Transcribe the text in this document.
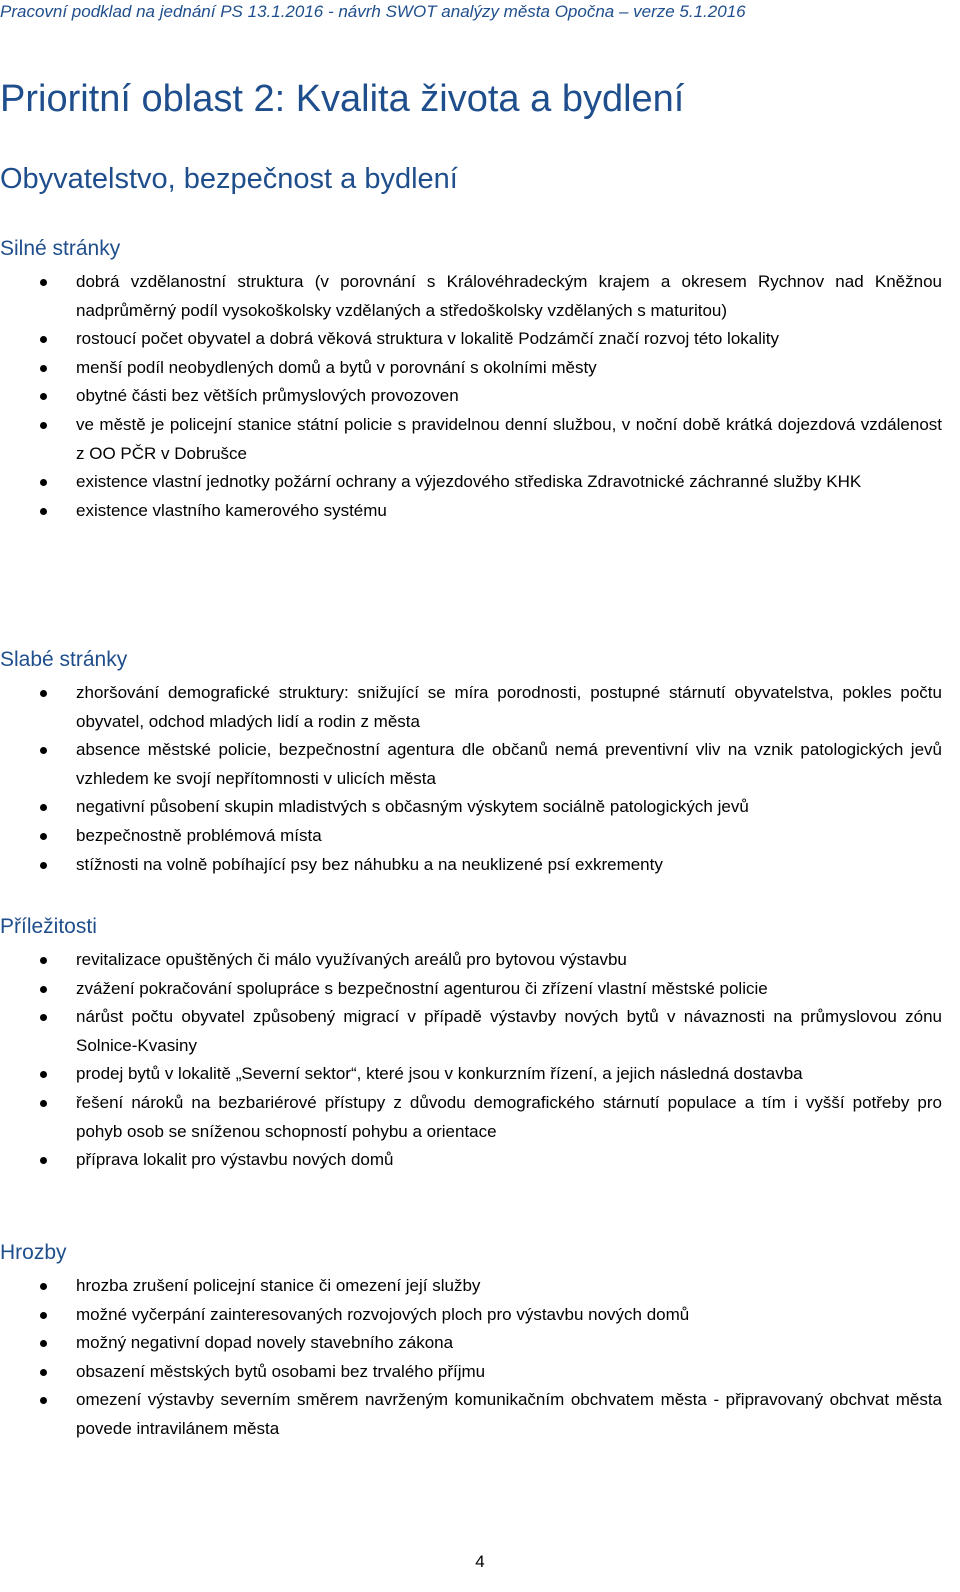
Pracovní podklad na jednání PS 13.1.2016 - návrh SWOT analýzy města Opočna – verze 5.1.2016
Prioritní oblast 2: Kvalita života a bydlení
Obyvatelstvo, bezpečnost a bydlení
Silné stránky
dobrá vzdělanostní struktura (v porovnání s Královéhradeckým krajem a okresem Rychnov nad Kněžnou nadprůměrný podíl vysokoškolsky vzdělaných a středoškolsky vzdělaných s maturitou)
rostoucí počet obyvatel a dobrá věková struktura v lokalitě Podzámčí značí rozvoj této lokality
menší podíl neobydlených domů a bytů v porovnání s okolními městy
obytné části bez větších průmyslových provozoven
ve městě je policejní stanice státní policie s pravidelnou denní službou, v noční době krátká dojezdová vzdálenost z OO PČR v Dobrušce
existence vlastní jednotky požární ochrany a výjezdového střediska Zdravotnické záchranné služby KHK
existence vlastního kamerového systému
Slabé stránky
zhoršování demografické struktury: snižující se míra porodnosti, postupné stárnutí obyvatelstva, pokles počtu obyvatel, odchod mladých lidí a rodin z města
absence městské policie, bezpečnostní agentura dle občanů nemá preventivní vliv na vznik patologických jevů vzhledem ke svojí nepřítomnosti v ulicích města
negativní působení skupin mladistvých s občasným výskytem sociálně patologických jevů
bezpečnostně problémová místa
stížnosti na volně pobíhající psy bez náhubku a na neuklizené psí exkrementy
Příležitosti
revitalizace opuštěných či málo využívaných areálů pro bytovou výstavbu
zvážení pokračování spolupráce s bezpečnostní agenturou či zřízení vlastní městské policie
nárůst počtu obyvatel způsobený migrací v případě výstavby nových bytů v návaznosti na průmyslovou zónu Solnice-Kvasiny
prodej bytů v lokalitě „Severní sektor“, které jsou v konkurzním řízení, a jejich následná dostavba
řešení nároků na bezbariérové přístupy z důvodu demografického stárnutí populace a tím i vyšší potřeby pro pohyb osob se sníženou schopností pohybu a orientace
příprava lokalit pro výstavbu nových domů
Hrozby
hrozba zrušení policejní stanice či omezení její služby
možné vyčerpání zainteresovaných rozvojových ploch pro výstavbu nových domů
možný negativní dopad novely stavebního zákona
obsazení městských bytů osobami bez trvalého příjmu
omezení výstavby severním směrem navrženým komunikačním obchvatem města - připravovaný obchvat města povede intravilánem města
4
